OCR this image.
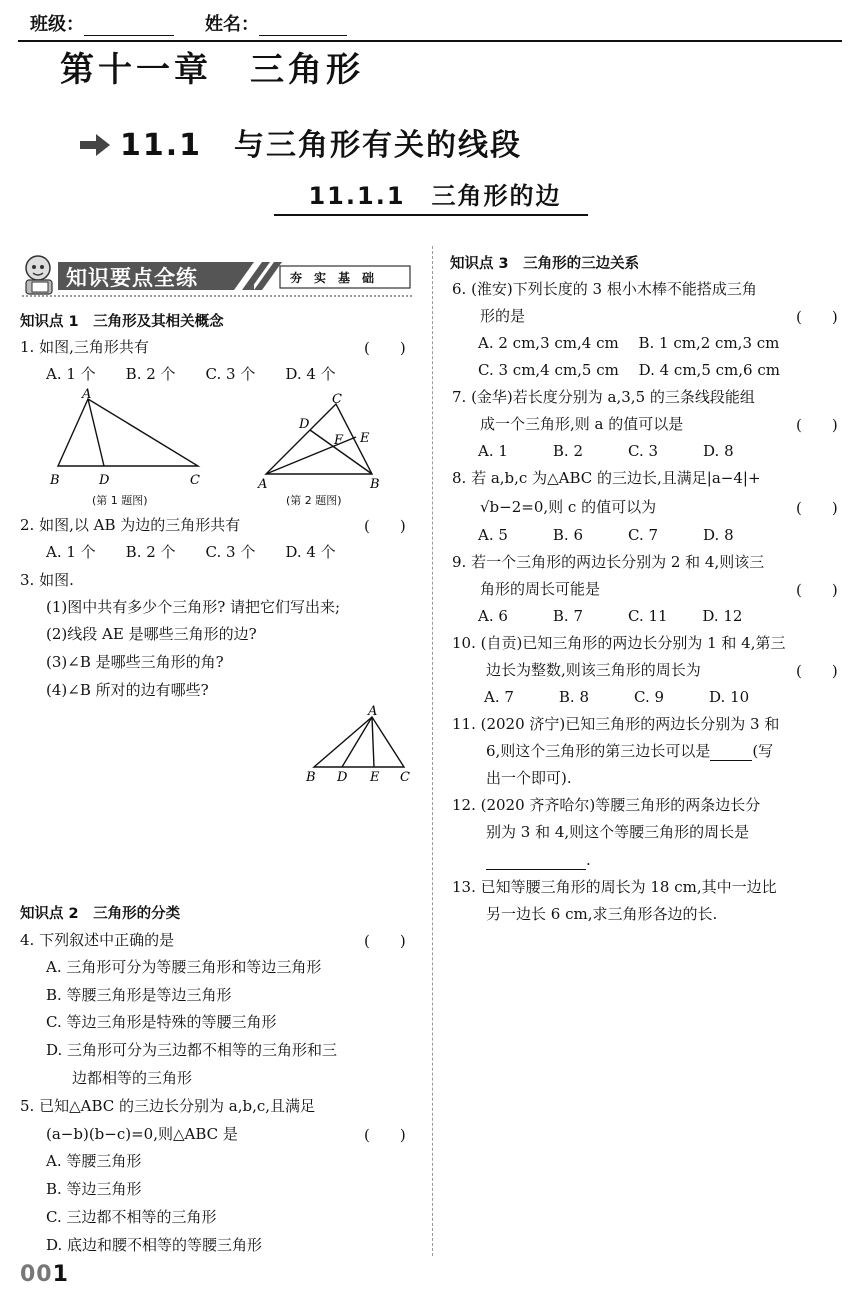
班级：	姓名：
第十一章　三角形
11.1　与三角形有关的线段
11.1.1　三角形的边
知识要点全练	夯　实　基　础
知识点 1　三角形及其相关概念
1. 如图,三角形共有	(　　)
A. 1 个　　B. 2 个　　C. 3 个　　D. 4 个
A
B	D	C
(第 1 题图)
C
D
F E
A	B
(第 2 题图)
2. 如图,以 AB 为边的三角形共有	(　　)
A. 1 个　　B. 2 个　　C. 3 个　　D. 4 个
3. 如图.
(1)图中共有多少个三角形? 请把它们写出来;
(2)线段 AE 是哪些三角形的边?
(3)∠B 是哪些三角形的角?
(4)∠B 所对的边有哪些?
A
B D E C
知识点 2　三角形的分类
4. 下列叙述中正确的是	(　　)
A. 三角形可分为等腰三角形和等边三角形
B. 等腰三角形是等边三角形
C. 等边三角形是特殊的等腰三角形
D. 三角形可分为三边都不相等的三角形和三
边都相等的三角形
5. 已知△ABC 的三边长分别为 a,b,c,且满足
(a−b)(b−c)=0,则△ABC 是	(　　)
A. 等腰三角形
B. 等边三角形
C. 三边都不相等的三角形
D. 底边和腰不相等的等腰三角形
知识点 3　三角形的三边关系
6. (淮安)下列长度的 3 根小木棒不能搭成三角
形的是	(　　)
A. 2 cm,3 cm,4 cm　 B. 1 cm,2 cm,3 cm
C. 3 cm,4 cm,5 cm　 D. 4 cm,5 cm,6 cm
7. (金华)若长度分别为 a,3,5 的三条线段能组
成一个三角形,则 a 的值可以是	(　　)
A. 1　　　B. 2　　　C. 3　　　D. 8
8. 若 a,b,c 为△ABC 的三边长,且满足|a−4|+
√b−2=0,则 c 的值可以为	(　　)
A. 5　　　B. 6　　　C. 7　　　D. 8
9. 若一个三角形的两边长分别为 2 和 4,则该三
角形的周长可能是	(　　)
A. 6　　　B. 7　　　C. 11　　 D. 12
10. (自贡)已知三角形的两边长分别为 1 和 4,第三
边长为整数,则该三角形的周长为	(　　)
A. 7　　　B. 8　　　C. 9　　　D. 10
11. (2020 济宁)已知三角形的两边长分别为 3 和
6,则这个三角形的第三边长可以是	(写
出一个即可).
12. (2020 齐齐哈尔)等腰三角形的两条边长分
别为 3 和 4,则这个等腰三角形的周长是
.
13. 已知等腰三角形的周长为 18 cm,其中一边比
另一边长 6 cm,求三角形各边的长.
001
